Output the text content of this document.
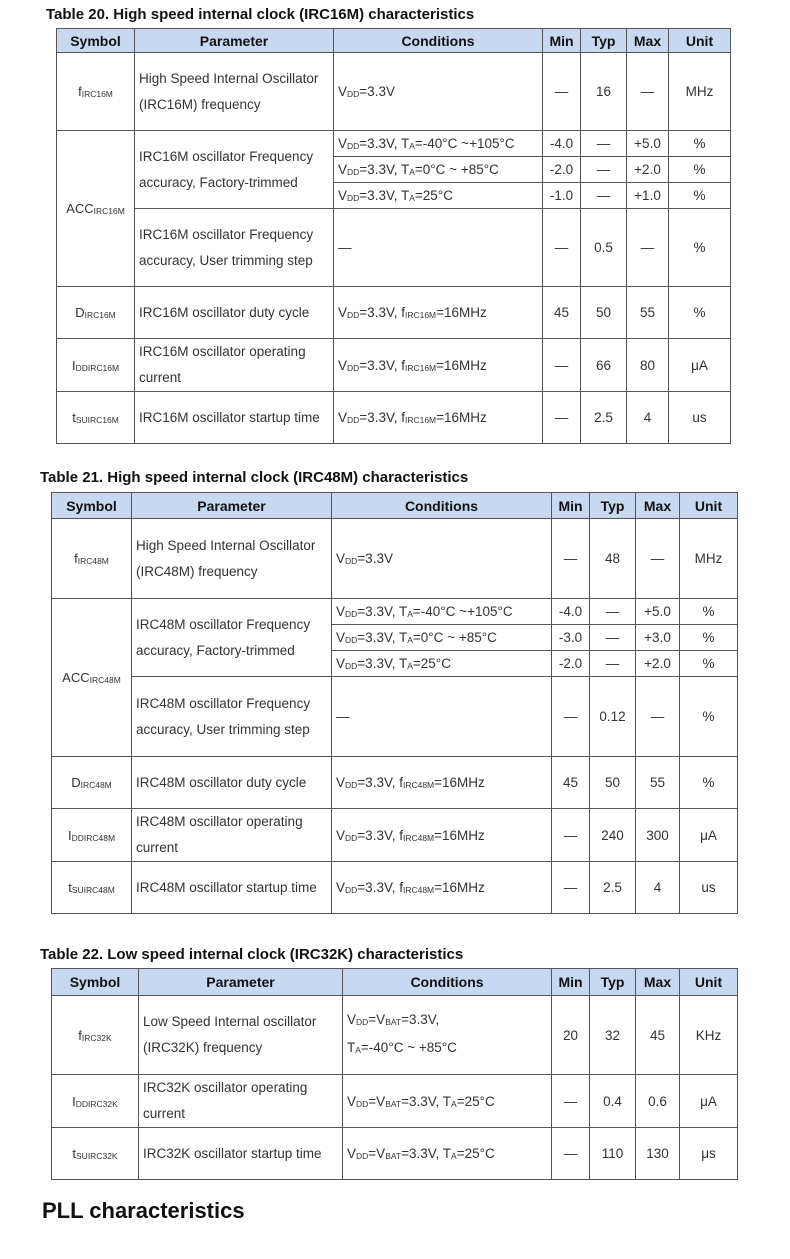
Table 20. High speed internal clock (IRC16M) characteristics
Symbol	Parameter	Conditions	Min	Typ	Max	Unit
$f_{IRC16M}$	High Speed Internal Oscillator (IRC16M) frequency	$V_{DD}=3.3V$	—	16	—	MHz
$ACC_{IRC16M}$	IRC16M oscillator Frequency accuracy, Factory-trimmed	$V_{DD}=3.3V$, $T_A=-40^\circ C$ ~+105°C	-4.0	—	+5.0	%
		$V_{DD}=3.3V$, $T_A=0^\circ C$ ~ +85°C	-2.0	—	+2.0	%
		$V_{DD}=3.3V$, $T_A=25^\circ C$	-1.0	—	+1.0	%
	IRC16M oscillator Frequency accuracy, User trimming step	—	—	0.5	—	%
$D_{IRC16M}$	IRC16M oscillator duty cycle	$V_{DD}=3.3V$, $f_{IRC16M}=16MHz$	45	50	55	%
$I_{DDIRC16M}$	IRC16M oscillator operating current	$V_{DD}=3.3V$, $f_{IRC16M}=16MHz$	—	66	80	μA
$t_{SUIRC16M}$	IRC16M oscillator startup time	$V_{DD}=3.3V$, $f_{IRC16M}=16MHz$	—	2.5	4	us
Table 21. High speed internal clock (IRC48M) characteristics
Symbol	Parameter	Conditions	Min	Typ	Max	Unit
$f_{IRC48M}$	High Speed Internal Oscillator (IRC48M) frequency	$V_{DD}=3.3V$	—	48	—	MHz
$ACC_{IRC48M}$	IRC48M oscillator Frequency accuracy, Factory-trimmed	$V_{DD}=3.3V$, $T_A=-40^\circ C$ ~+105°C	-4.0	—	+5.0	%
		$V_{DD}=3.3V$, $T_A=0^\circ C$ ~ +85°C	-3.0	—	+3.0	%
		$V_{DD}=3.3V$, $T_A=25^\circ C$	-2.0	—	+2.0	%
	IRC48M oscillator Frequency accuracy, User trimming step	—	—	0.12	—	%
$D_{IRC48M}$	IRC48M oscillator duty cycle	$V_{DD}=3.3V$, $f_{IRC48M}=16MHz$	45	50	55	%
$I_{DDIRC48M}$	IRC48M oscillator operating current	$V_{DD}=3.3V$, $f_{IRC48M}=16MHz$	—	240	300	μA
$t_{SUIRC48M}$	IRC48M oscillator startup time	$V_{DD}=3.3V$, $f_{IRC48M}=16MHz$	—	2.5	4	us
Table 22. Low speed internal clock (IRC32K) characteristics
Symbol	Parameter	Conditions	Min	Typ	Max	Unit
$f_{IRC32K}$	Low Speed Internal oscillator (IRC32K) frequency	$V_{DD}=V_{BAT}=3.3V$,
$T_A=-40^\circ C$ ~ +85°C	20	32	45	KHz
$I_{DDIRC32K}$	IRC32K oscillator operating current	$V_{DD}=V_{BAT}=3.3V$, $T_A=25^\circ C$	—	0.4	0.6	μA
$t_{SUIRC32K}$	IRC32K oscillator startup time	$V_{DD}=V_{BAT}=3.3V$, $T_A=25^\circ C$	—	110	130	μs
PLL characteristics
